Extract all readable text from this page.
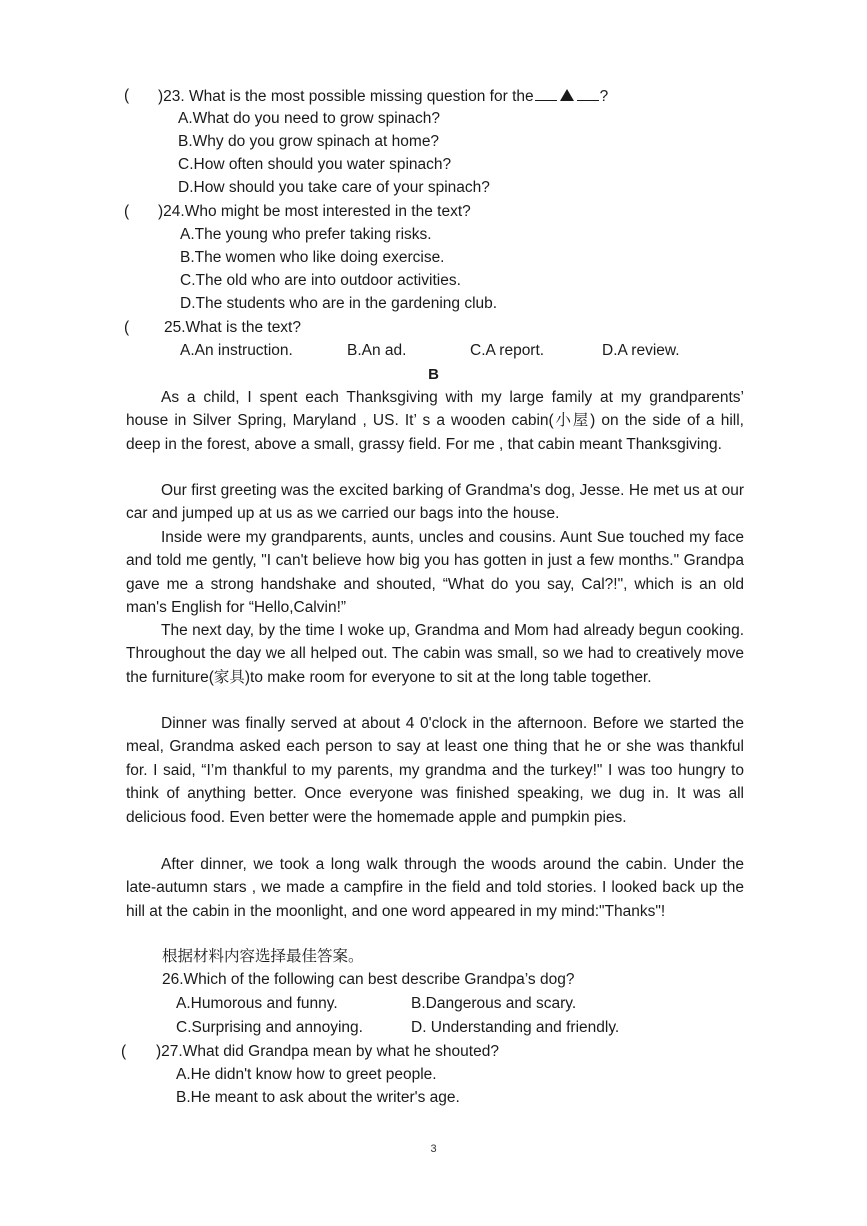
( )23. What is the most possible missing question for the	?
A.What do you need to grow spinach?
B.Why do you grow spinach at home?
C.How often should you water spinach?
D.How should you take care of your spinach?
( )24.Who might be most interested in the text?
A.The young who prefer taking risks.
B.The women who like doing exercise.
C.The old who are into outdoor activities.
D.The students who are in the gardening club.
( 25.What is the text?
A.An instruction.	B.An ad.	C.A report.	D.A review.
B
As a child, I spent each Thanksgiving with my large family at my grandparents’ house in Silver Spring, Maryland , US. It’ s a wooden cabin(小屋) on the side of a hill, deep in the forest, above a small, grassy field. For me , that cabin meant Thanksgiving.
Our first greeting was the excited barking of Grandma's dog, Jesse. He met us at our car and jumped up at us as we carried our bags into the house.
Inside were my grandparents, aunts, uncles and cousins. Aunt Sue touched my face and told me gently, "I can't believe how big you has gotten in just a few months." Grandpa gave me a strong handshake and shouted, “What do you say, Cal?!", which is an old man's English for “Hello,Calvin!”
The next day, by the time I woke up, Grandma and Mom had already begun cooking. Throughout the day we all helped out. The cabin was small, so we had to creatively move the furniture(家具)to make room for everyone to sit at the long table together.
Dinner was finally served at about 4 0'clock in the afternoon. Before we started the meal, Grandma asked each person to say at least one thing that he or she was thankful for. I said, “I’m thankful to my parents, my grandma and the turkey!" I was too hungry to think of anything better. Once everyone was finished speaking, we dug in. It was all delicious food. Even better were the homemade apple and pumpkin pies.
After dinner, we took a long walk through the woods around the cabin. Under the late-autumn stars , we made a campfire in the field and told stories. I looked back up the hill at the cabin in the moonlight, and one word appeared in my mind:"Thanks"!
根据材料内容选择最佳答案。
26.Which of the following can best describe Grandpa’s dog?
A.Humorous and funny.	B.Dangerous and scary.
C.Surprising and annoying.	D. Understanding and friendly.
( )27.What did Grandpa mean by what he shouted?
A.He didn't know how to greet people.
B.He meant to ask about the writer's age.
3
